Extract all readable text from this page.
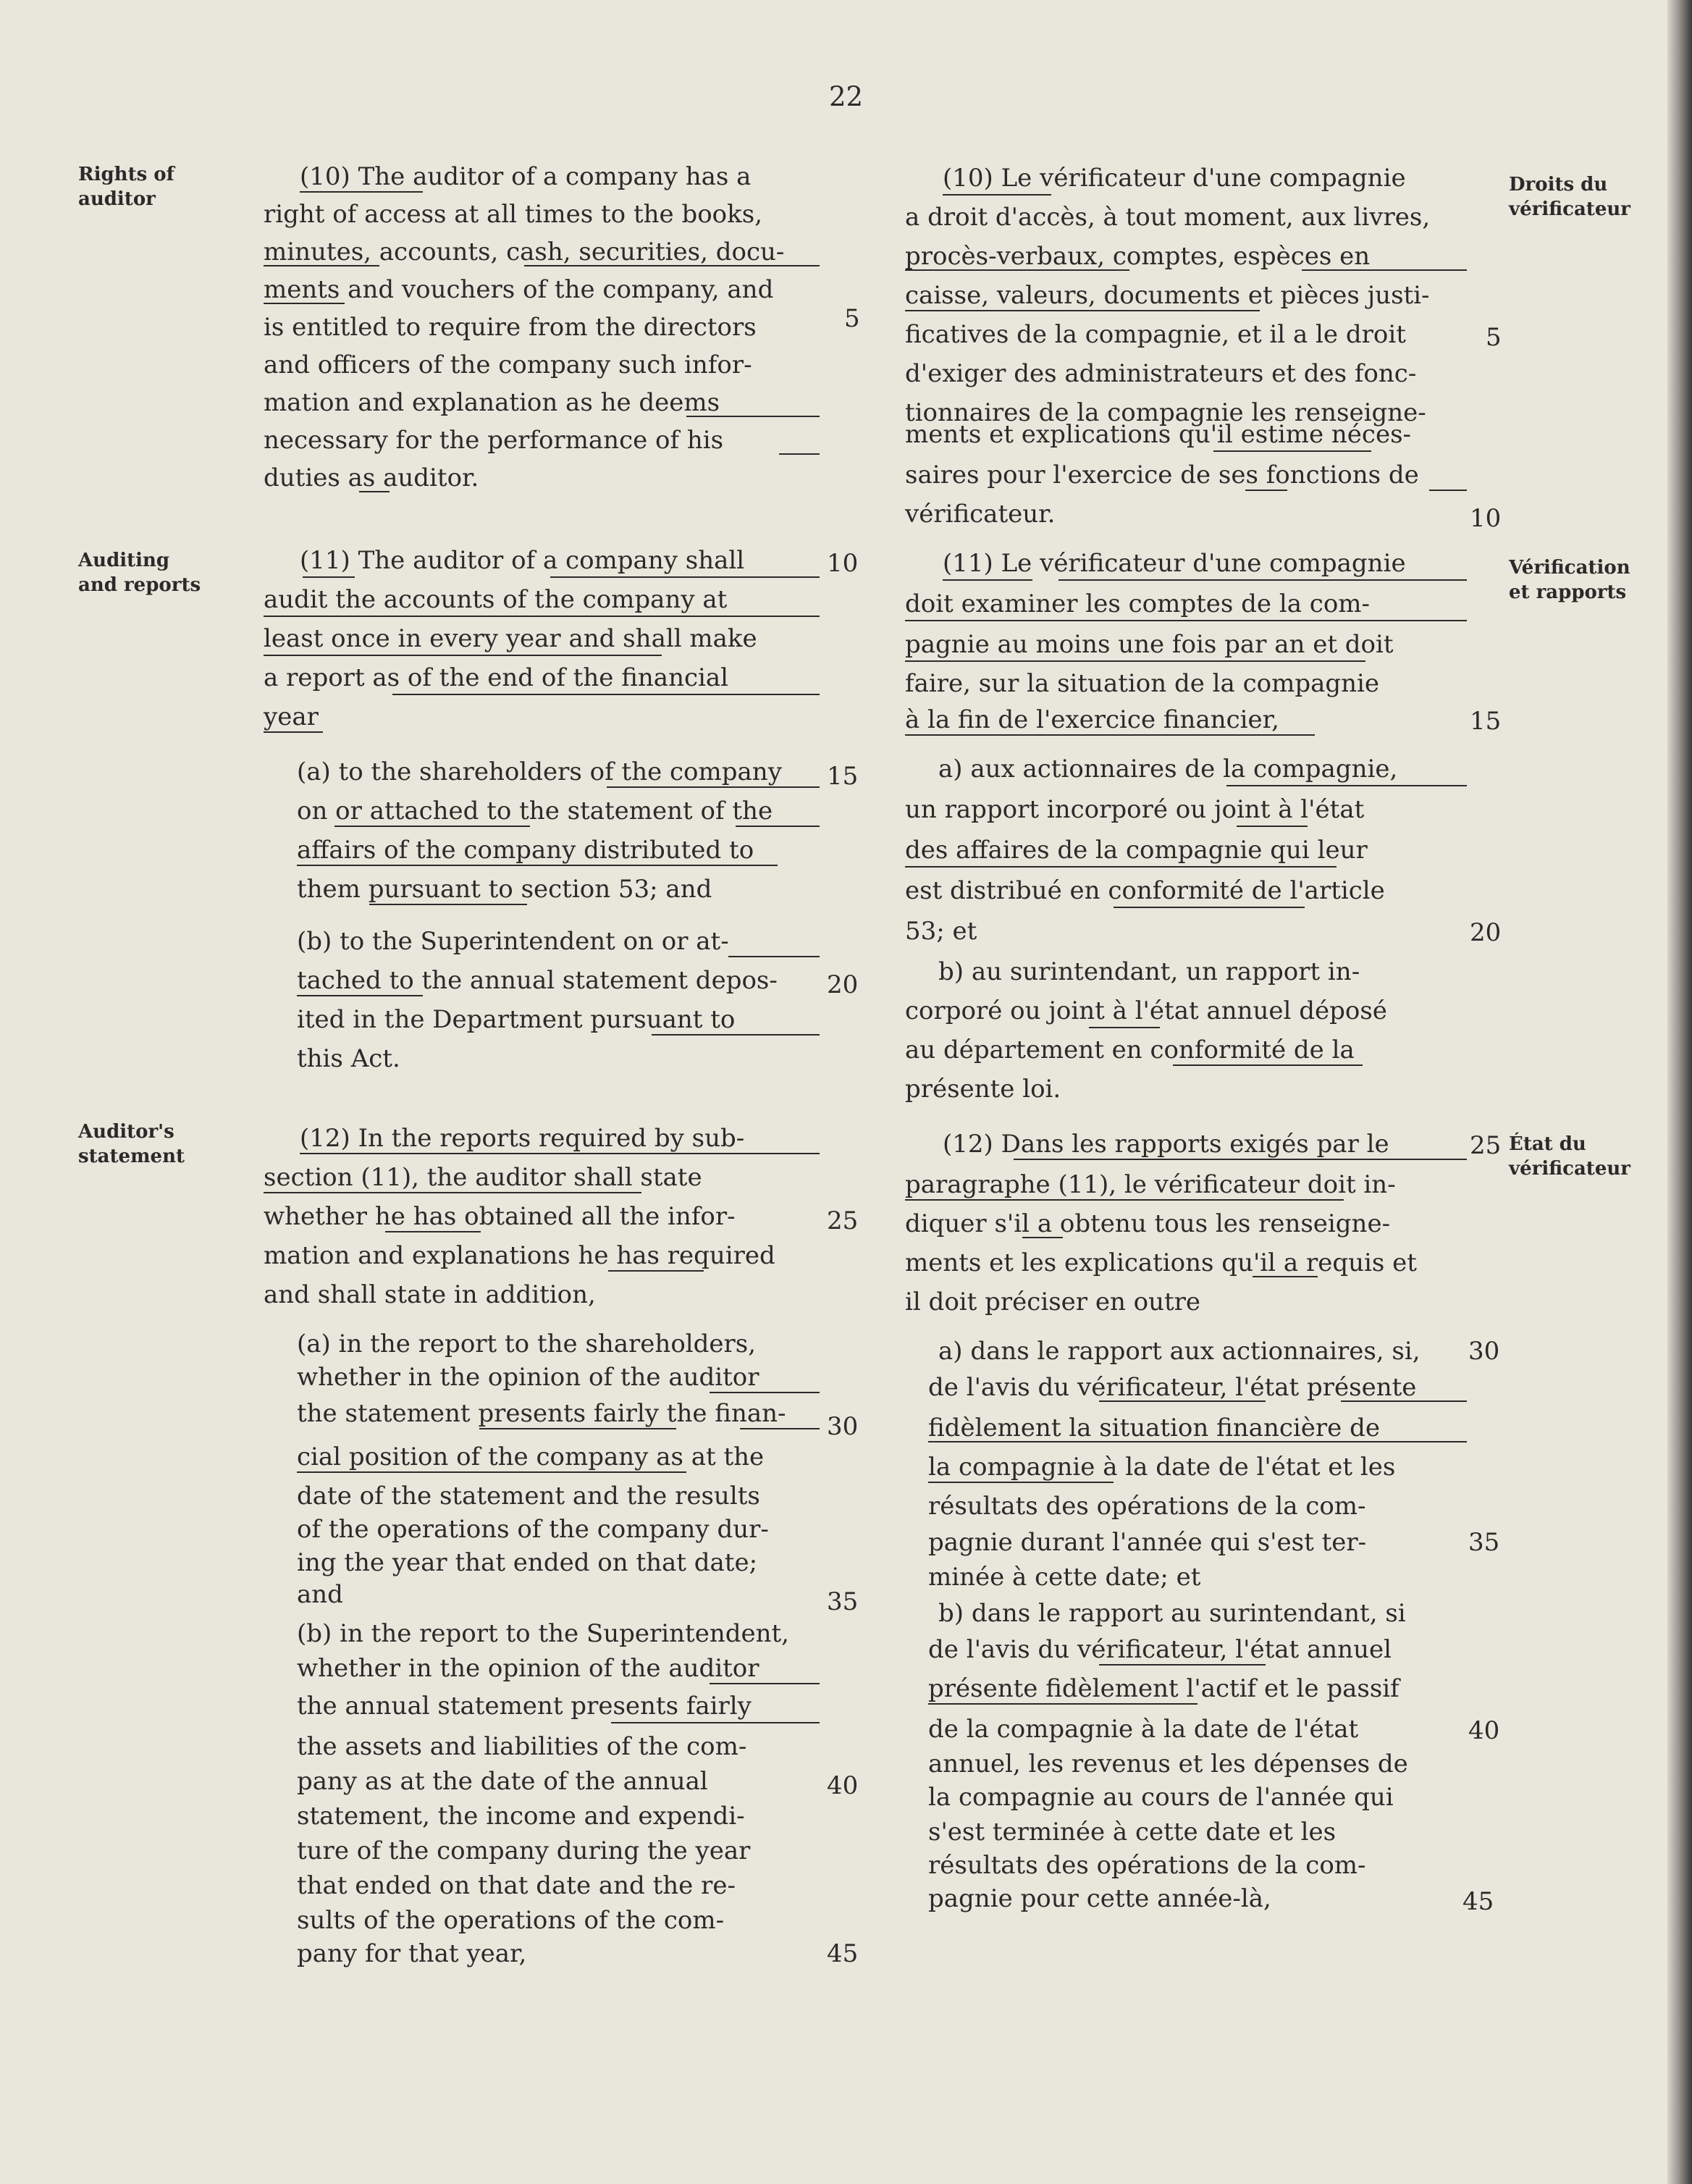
22
Rights of
auditor
Auditing
and reports
Auditor's
statement
Droits du
vérificateur
Vérification
et rapports
État du
vérificateur
(10) The auditor of a company has a
right of access at all times to the books,
minutes, accounts, cash, securities, docu-
ments and vouchers of the company, and
is entitled to require from the directors
and officers of the company such infor-
mation and explanation as he deems
necessary for the performance of his
duties as auditor.
5
(11) The auditor of a company shall
audit the accounts of the company at
least once in every year and shall make
a report as of the end of the financial
year
10
(a) to the shareholders of the company
on or attached to the statement of the
affairs of the company distributed to
them pursuant to section 53; and
15
(b) to the Superintendent on or at-
tached to the annual statement depos-
ited in the Department pursuant to
this Act.
20
(12) In the reports required by sub-
section (11), the auditor shall state
whether he has obtained all the infor-
mation and explanations he has required
and shall state in addition,
25
(a) in the report to the shareholders,
whether in the opinion of the auditor
the statement presents fairly the finan-
cial position of the company as at the
date of the statement and the results
of the operations of the company dur-
ing the year that ended on that date;
and
30
35
(b) in the report to the Superintendent,
whether in the opinion of the auditor
the annual statement presents fairly
the assets and liabilities of the com-
pany as at the date of the annual
statement, the income and expendi-
ture of the company during the year
that ended on that date and the re-
sults of the operations of the com-
pany for that year,
40
45
(10) Le vérificateur d'une compagnie
a droit d'accès, à tout moment, aux livres,
procès-verbaux, comptes, espèces en
caisse, valeurs, documents et pièces justi-
ficatives de la compagnie, et il a le droit
d'exiger des administrateurs et des fonc-
tionnaires de la compagnie les renseigne-
ments et explications qu'il estime néces-
saires pour l'exercice de ses fonctions de
vérificateur.
5
10
(11) Le vérificateur d'une compagnie
doit examiner les comptes de la com-
pagnie au moins une fois par an et doit
faire, sur la situation de la compagnie
à la fin de l'exercice financier,	15
a) aux actionnaires de la compagnie,
un rapport incorporé ou joint à l'état
des affaires de la compagnie qui leur
est distribué en conformité de l'article
53; et	20
b) au surintendant, un rapport in-
corporé ou joint à l'état annuel déposé
au département en conformité de la
présente loi.
(12) Dans les rapports exigés par le
paragraphe (11), le vérificateur doit in-
diquer s'il a obtenu tous les renseigne-
ments et les explications qu'il a requis et
il doit préciser en outre
25
a) dans le rapport aux actionnaires, si,
de l'avis du vérificateur, l'état présente
fidèlement la situation financière de
la compagnie à la date de l'état et les
résultats des opérations de la com-
pagnie durant l'année qui s'est ter-
minée à cette date; et
30
35
b) dans le rapport au surintendant, si
de l'avis du vérificateur, l'état annuel
présente fidèlement l'actif et le passif
de la compagnie à la date de l'état
annuel, les revenus et les dépenses de
la compagnie au cours de l'année qui
s'est terminée à cette date et les
résultats des opérations de la com-
pagnie pour cette année-là,
40
45
